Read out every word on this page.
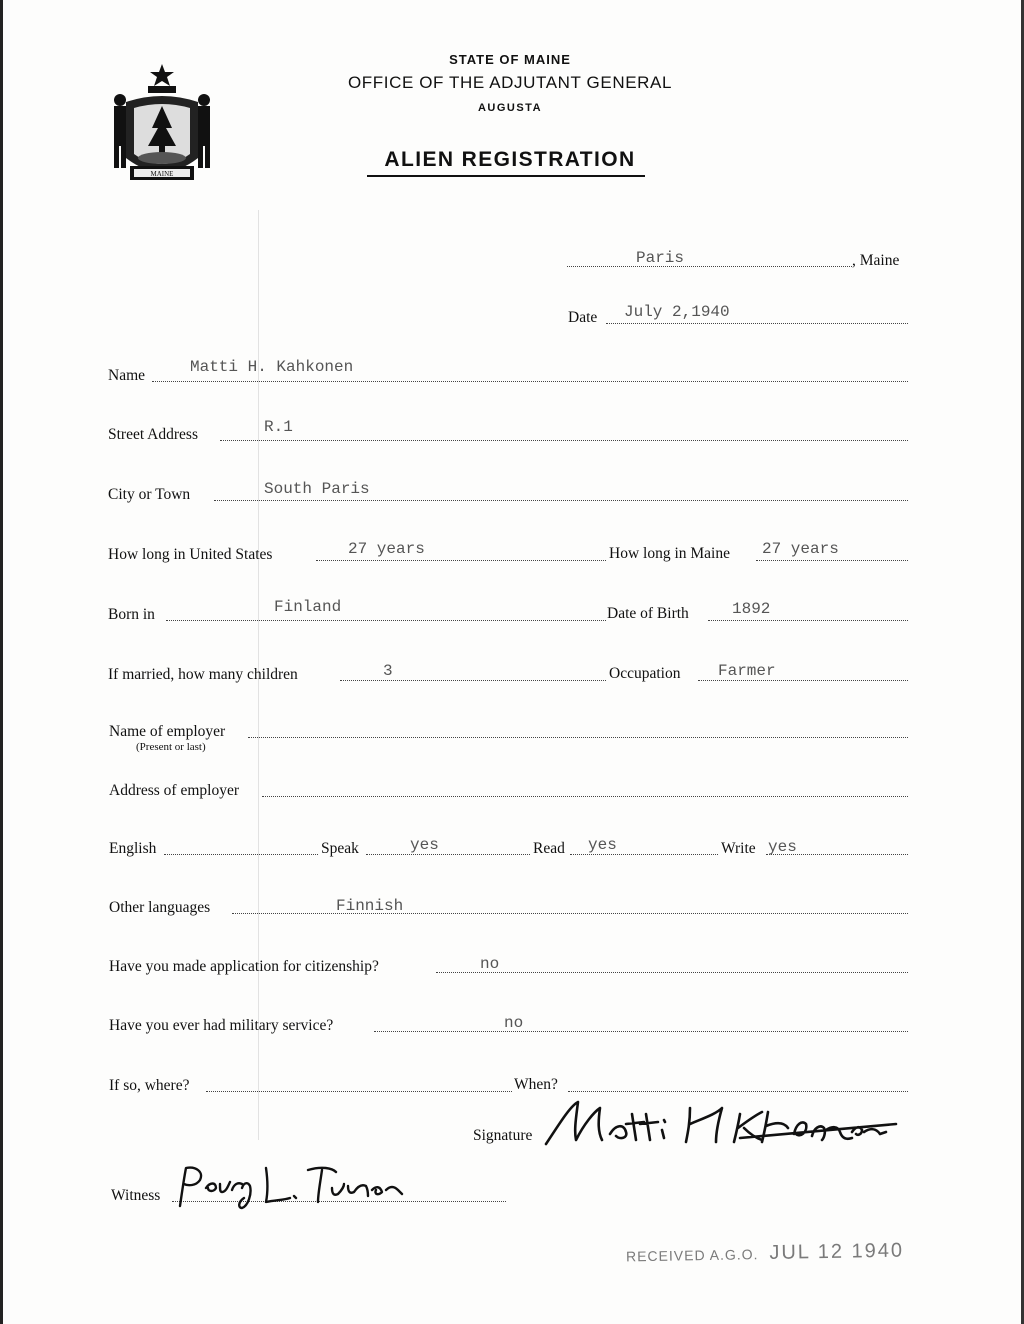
MAINE
STATE OF MAINE
OFFICE OF THE ADJUTANT GENERAL
AUGUSTA
ALIEN REGISTRATION
Paris	, Maine
Date July 2,1940
Name	Matti H. Kahkonen
Street Address	R.1
City or Town	South Paris
How long in United States	27 years	How long in Maine 27 years
Born in	Finland	Date of Birth	1892
If married, how many children	3	Occupation Farmer
Name of employer
(Present or last)
Address of employer
English	Speak	yes	Read yes	Write yes
Other languages	Finnish
Have you made application for citizenship?	no
Have you ever had military service?	no
If so, where?	When?
Signature
Witness
RECEIVED A.G.O. JUL 12 1940
